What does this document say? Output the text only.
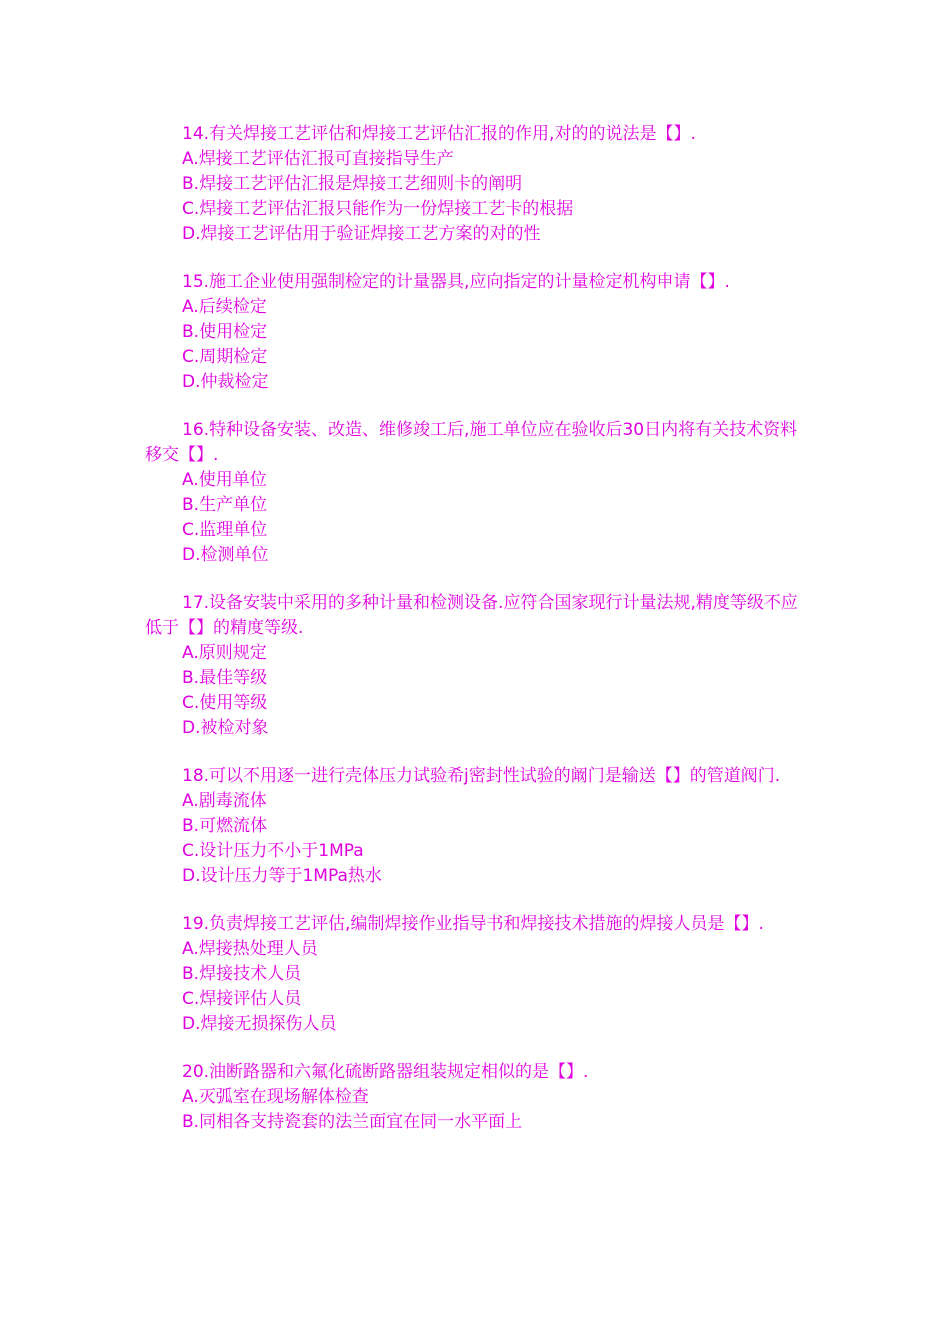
14.有关焊接工艺评估和焊接工艺评估汇报的作用,对的的说法是【】.

A.焊接工艺评估汇报可直接指导生产
B.焊接工艺评估汇报是焊接工艺细则卡的阐明
C.焊接工艺评估汇报只能作为一份焊接工艺卡的根据
D.焊接工艺评估用于验证焊接工艺方案的对的性

15.施工企业使用强制检定的计量器具,应向指定的计量检定机构申请【】.

A.后续检定
B.使用检定
C.周期检定
D.仲裁检定

16.特种设备安装、改造、维修竣工后,施工单位应在验收后30日内将有关技术资料移交【】.

A.使用单位
B.生产单位
C.监理单位
D.检测单位

17.设备安装中采用的多种计量和检测设备.应符合国家现行计量法规,精度等级不应低于【】的精度等级.

A.原则规定
B.最佳等级
C.使用等级
D.被检对象

18.可以不用逐一进行壳体压力试验希j密封性试验的阚门是输送【】的管道阀门.

A.剧毒流体
B.可燃流体
C.设计压力不小于1MPa
D.设计压力等于1MPa热水

19.负责焊接工艺评估,编制焊接作业指导书和焊接技术措施的焊接人员是【】.

A.焊接热处理人员
B.焊接技术人员
C.焊接评估人员
D.焊接无损探伤人员

20.油断路器和六氟化硫断路器组装规定相似的是【】.

A.灭弧室在现场解体检查
B.同相各支持瓷套的法兰面宜在同一水平面上
